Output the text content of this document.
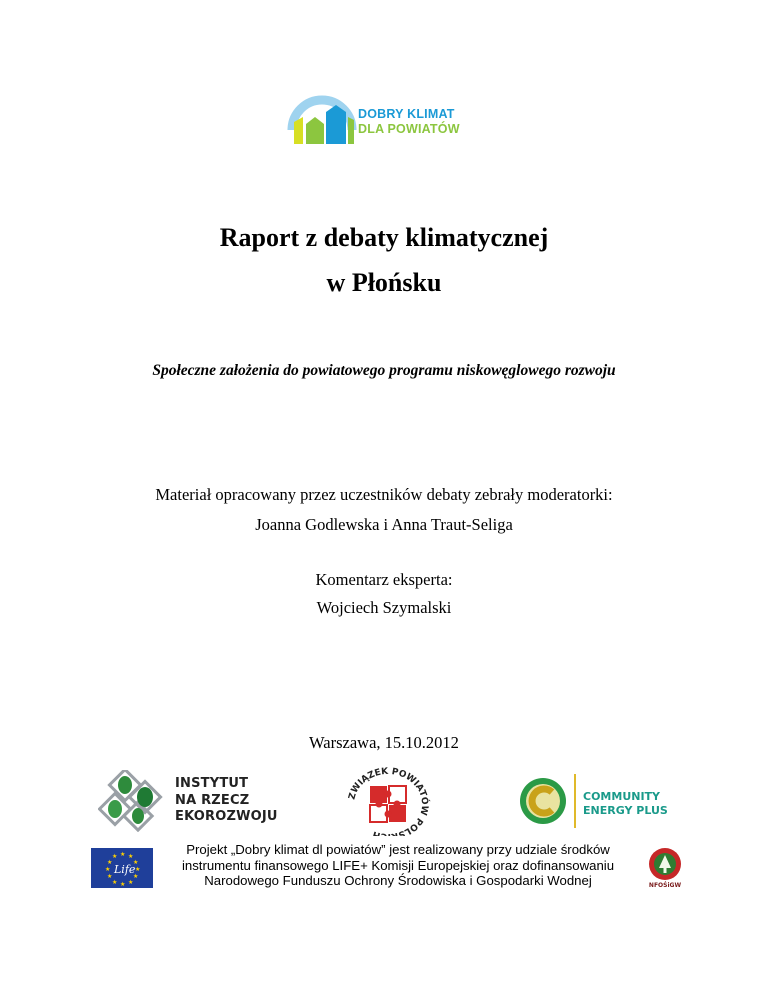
DOBRY KLIMAT
DLA POWIATÓW
Raport z debaty klimatycznej
w Płońsku
Społeczne założenia do powiatowego programu niskowęglowego rozwoju
Materiał opracowany przez uczestników debaty zebrały moderatorki:
Joanna Godlewska i Anna Traut-Seliga
Komentarz eksperta:
Wojciech Szymalski
Warszawa, 15.10.2012
INSTYTUT
NA RZECZ
EKOROZWOJU
ZWIĄZEK POWIATÓW POLSKICH
COMMUNITY
ENERGY PLUS
★ ★
★
★
★
★
★
★
★
★
★
★
Life
Projekt „Dobry klimat dl powiatów” jest realizowany przy udziale środków
instrumentu finansowego LIFE+ Komisji Europejskiej oraz dofinansowaniu
Narodowego Funduszu Ochrony Środowiska i Gospodarki Wodnej	NFOŚiGW
